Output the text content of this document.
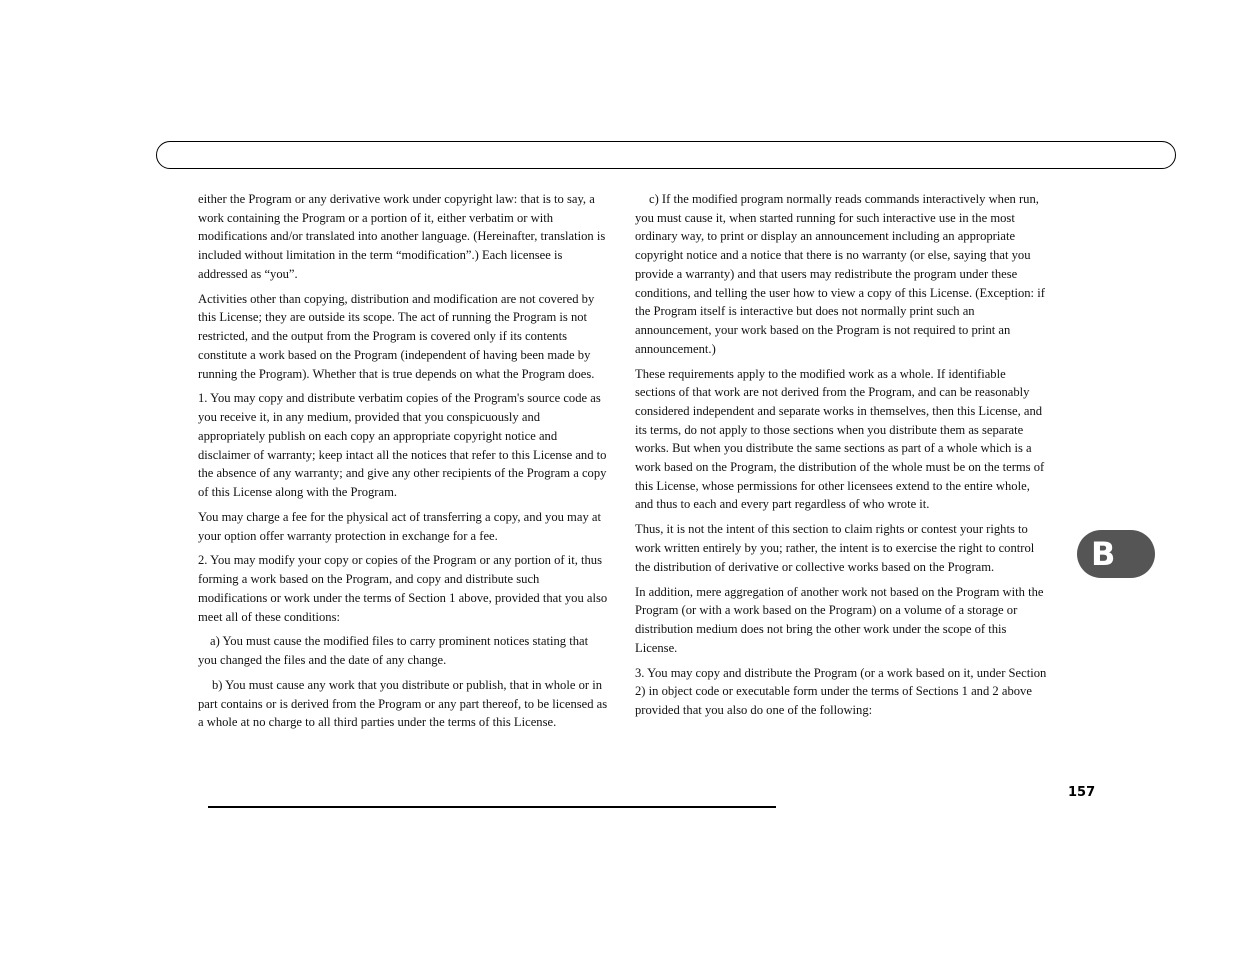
either the Program or any derivative work under copyright law: that is to say, a work containing the Program or a portion of it, either verbatim or with modifications and/or translated into another language. (Hereinafter, translation is included without limitation in the term “modification”.) Each licensee is addressed as “you”.

Activities other than copying, distribution and modification are not covered by this License; they are outside its scope. The act of running the Program is not restricted, and the output from the Program is covered only if its contents constitute a work based on the Program (independent of having been made by running the Program). Whether that is true depends on what the Program does.

1. You may copy and distribute verbatim copies of the Program's source code as you receive it, in any medium, provided that you conspicuously and appropriately publish on each copy an appropriate copyright notice and disclaimer of warranty; keep intact all the notices that refer to this License and to the absence of any warranty; and give any other recipients of the Program a copy of this License along with the Program.

You may charge a fee for the physical act of transferring a copy, and you may at your option offer warranty protection in exchange for a fee.

2. You may modify your copy or copies of the Program or any portion of it, thus forming a work based on the Program, and copy and distribute such modifications or work under the terms of Section 1 above, provided that you also meet all of these conditions:

a) You must cause the modified files to carry prominent notices stating that you changed the files and the date of any change.

b) You must cause any work that you distribute or publish, that in whole or in part contains or is derived from the Program or any part thereof, to be licensed as a whole at no charge to all third parties under the terms of this License.

c) If the modified program normally reads commands interactively when run, you must cause it, when started running for such interactive use in the most ordinary way, to print or display an announcement including an appropriate copyright notice and a notice that there is no warranty (or else, saying that you provide a warranty) and that users may redistribute the program under these conditions, and telling the user how to view a copy of this License. (Exception: if the Program itself is interactive but does not normally print such an announcement, your work based on the Program is not required to print an announcement.)

These requirements apply to the modified work as a whole. If identifiable sections of that work are not derived from the Program, and can be reasonably considered independent and separate works in themselves, then this License, and its terms, do not apply to those sections when you distribute them as separate works. But when you distribute the same sections as part of a whole which is a work based on the Program, the distribution of the whole must be on the terms of this License, whose permissions for other licensees extend to the entire whole, and thus to each and every part regardless of who wrote it.

Thus, it is not the intent of this section to claim rights or contest your rights to work written entirely by you; rather, the intent is to exercise the right to control the distribution of derivative or collective works based on the Program.

In addition, mere aggregation of another work not based on the Program with the Program (or with a work based on the Program) on a volume of a storage or distribution medium does not bring the other work under the scope of this License.

3. You may copy and distribute the Program (or a work based on it, under Section 2) in object code or executable form under the terms of Sections 1 and 2 above provided that you also do one of the following:

B
157
